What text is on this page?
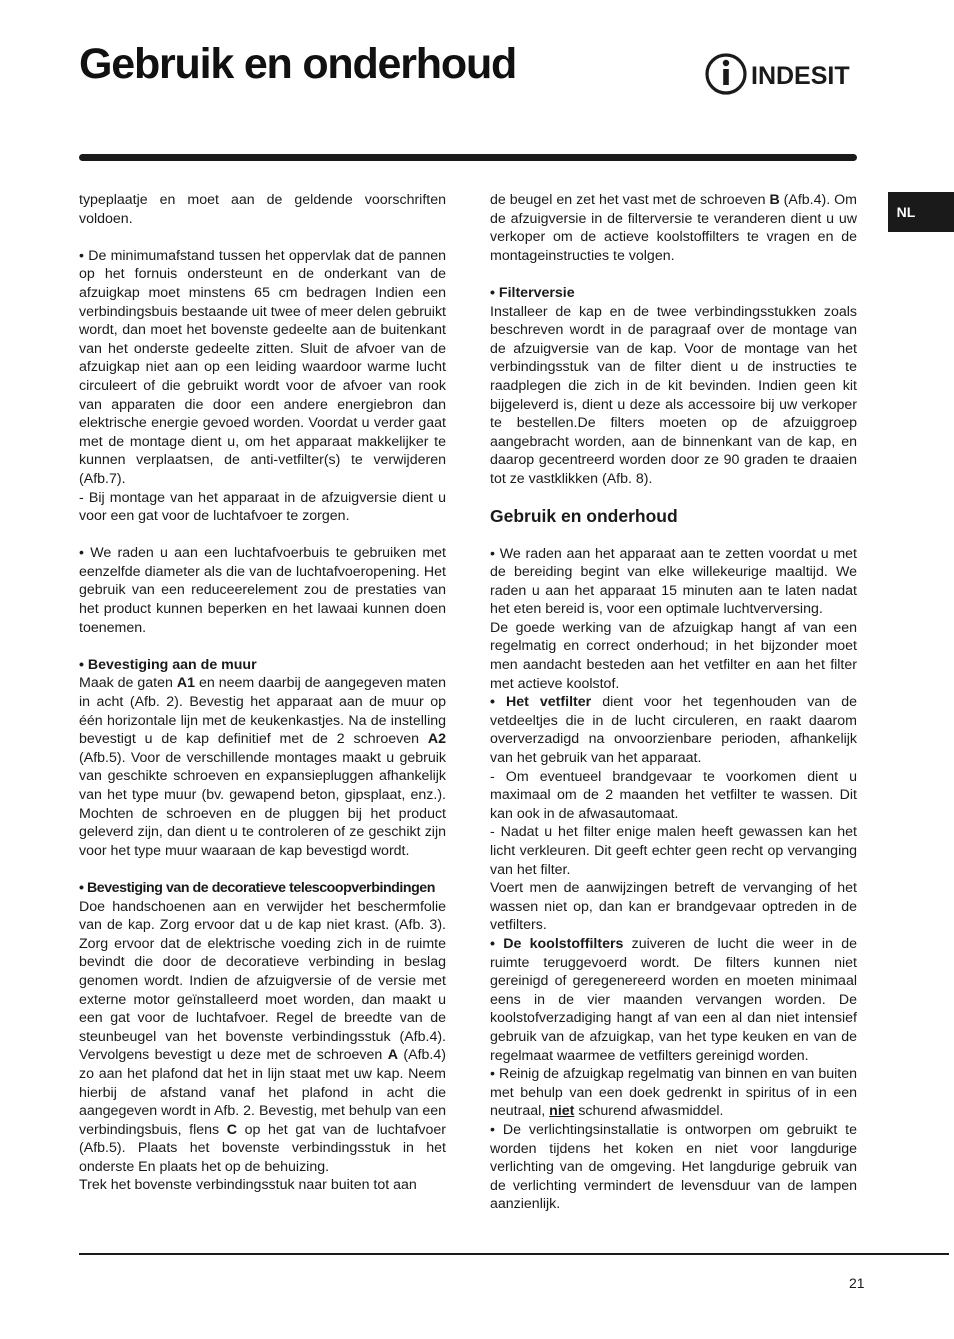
Gebruik en onderhoud	INDESIT
NL

typeplaatje en moet aan de geldende voorschriften voldoen.

• De minimumafstand tussen het oppervlak dat de pannen op het fornuis ondersteunt en de onderkant van de afzuigkap moet minstens 65 cm bedragen Indien een verbindingsbuis bestaande uit twee of meer delen gebruikt wordt, dan moet het bovenste gedeelte aan de buitenkant van het onderste gedeelte zitten. Sluit de afvoer van de afzuigkap niet aan op een leiding waardoor warme lucht circuleert of die gebruikt wordt voor de afvoer van rook van apparaten die door een andere energiebron dan elektrische energie gevoed worden. Voordat u verder gaat met de montage dient u, om het apparaat makkelijker te kunnen verplaatsen, de anti-vetfilter(s) te verwijderen (Afb.7).

- Bij montage van het apparaat in de afzuigversie dient u voor een gat voor de luchtafvoer te zorgen.

• We raden u aan een luchtafvoerbuis te gebruiken met eenzelfde diameter als die van de luchtafvoeropening. Het gebruik van een reduceerelement zou de prestaties van het product kunnen beperken en het lawaai kunnen doen toenemen.

• Bevestiging aan de muur

Maak de gaten A1 en neem daarbij de aangegeven maten in acht (Afb. 2). Bevestig het apparaat aan de muur op één horizontale lijn met de keukenkastjes. Na de instelling bevestigt u de kap definitief met de 2 schroeven A2 (Afb.5). Voor de verschillende montages maakt u gebruik van geschikte schroeven en expansiepluggen afhankelijk van het type muur (bv. gewapend beton, gipsplaat, enz.). Mochten de schroeven en de pluggen bij het product geleverd zijn, dan dient u te controleren of ze geschikt zijn voor het type muur waaraan de kap bevestigd wordt.

• Bevestiging van de decoratieve telescoopverbindingen

Doe handschoenen aan en verwijder het beschermfolie van de kap. Zorg ervoor dat u de kap niet krast. (Afb. 3). Zorg ervoor dat de elektrische voeding zich in de ruimte bevindt die door de decoratieve verbinding in beslag genomen wordt. Indien de afzuigversie of de versie met externe motor geïnstalleerd moet worden, dan maakt u een gat voor de luchtafvoer. Regel de breedte van de steunbeugel van het bovenste verbindingsstuk (Afb.4). Vervolgens bevestigt u deze met de schroeven A (Afb.4) zo aan het plafond dat het in lijn staat met uw kap. Neem hierbij de afstand vanaf het plafond in acht die aangegeven wordt in Afb. 2. Bevestig, met behulp van een verbindingsbuis, flens C op het gat van de luchtafvoer (Afb.5). Plaats het bovenste verbindingsstuk in het onderste En plaats het op de behuizing.

Trek het bovenste verbindingsstuk naar buiten tot aan

de beugel en zet het vast met de schroeven B (Afb.4). Om de afzuigversie in de filterversie te veranderen dient u uw verkoper om de actieve koolstoffilters te vragen en de montageinstructies te volgen.

• Filterversie

Installeer de kap en de twee verbindingsstukken zoals beschreven wordt in de paragraaf over de montage van de afzuigversie van de kap. Voor de montage van het verbindingsstuk van de filter dient u de instructies te raadplegen die zich in de kit bevinden. Indien geen kit bijgeleverd is, dient u deze als accessoire bij uw verkoper te bestellen.De filters moeten op de afzuiggroep aangebracht worden, aan de binnenkant van de kap, en daarop gecentreerd worden door ze 90 graden te draaien tot ze vastklikken (Afb. 8).

Gebruik en onderhoud

• We raden aan het apparaat aan te zetten voordat u met de bereiding begint van elke willekeurige maaltijd. We raden u aan het apparaat 15 minuten aan te laten nadat het eten bereid is, voor een optimale luchtverversing.

De goede werking van de afzuigkap hangt af van een regelmatig en correct onderhoud; in het bijzonder moet men aandacht besteden aan het vetfilter en aan het filter met actieve koolstof.

• Het vetfilter dient voor het tegenhouden van de vetdeeltjes die in de lucht circuleren, en raakt daarom oververzadigd na onvoorzienbare perioden, afhankelijk van het gebruik van het apparaat.

- Om eventueel brandgevaar te voorkomen dient u maximaal om de 2 maanden het vetfilter te wassen. Dit kan ook in de afwasautomaat.

- Nadat u het filter enige malen heeft gewassen kan het licht verkleuren. Dit geeft echter geen recht op vervanging van het filter.

Voert men de aanwijzingen betreft de vervanging of het wassen niet op, dan kan er brandgevaar optreden in de vetfilters.

• De koolstoffilters zuiveren de lucht die weer in de ruimte teruggevoerd wordt. De filters kunnen niet gereinigd of geregenereerd worden en moeten minimaal eens in de vier maanden vervangen worden. De koolstofverzadiging hangt af van een al dan niet intensief gebruik van de afzuigkap, van het type keuken en van de regelmaat waarmee de vetfilters gereinigd worden.

• Reinig de afzuigkap regelmatig van binnen en van buiten met behulp van een doek gedrenkt in spiritus of in een neutraal, niet schurend afwasmiddel.

• De verlichtingsinstallatie is ontworpen om gebruikt te worden tijdens het koken en niet voor langdurige verlichting van de omgeving. Het langdurige gebruik van de verlichting vermindert de levensduur van de lampen aanzienlijk.

21
